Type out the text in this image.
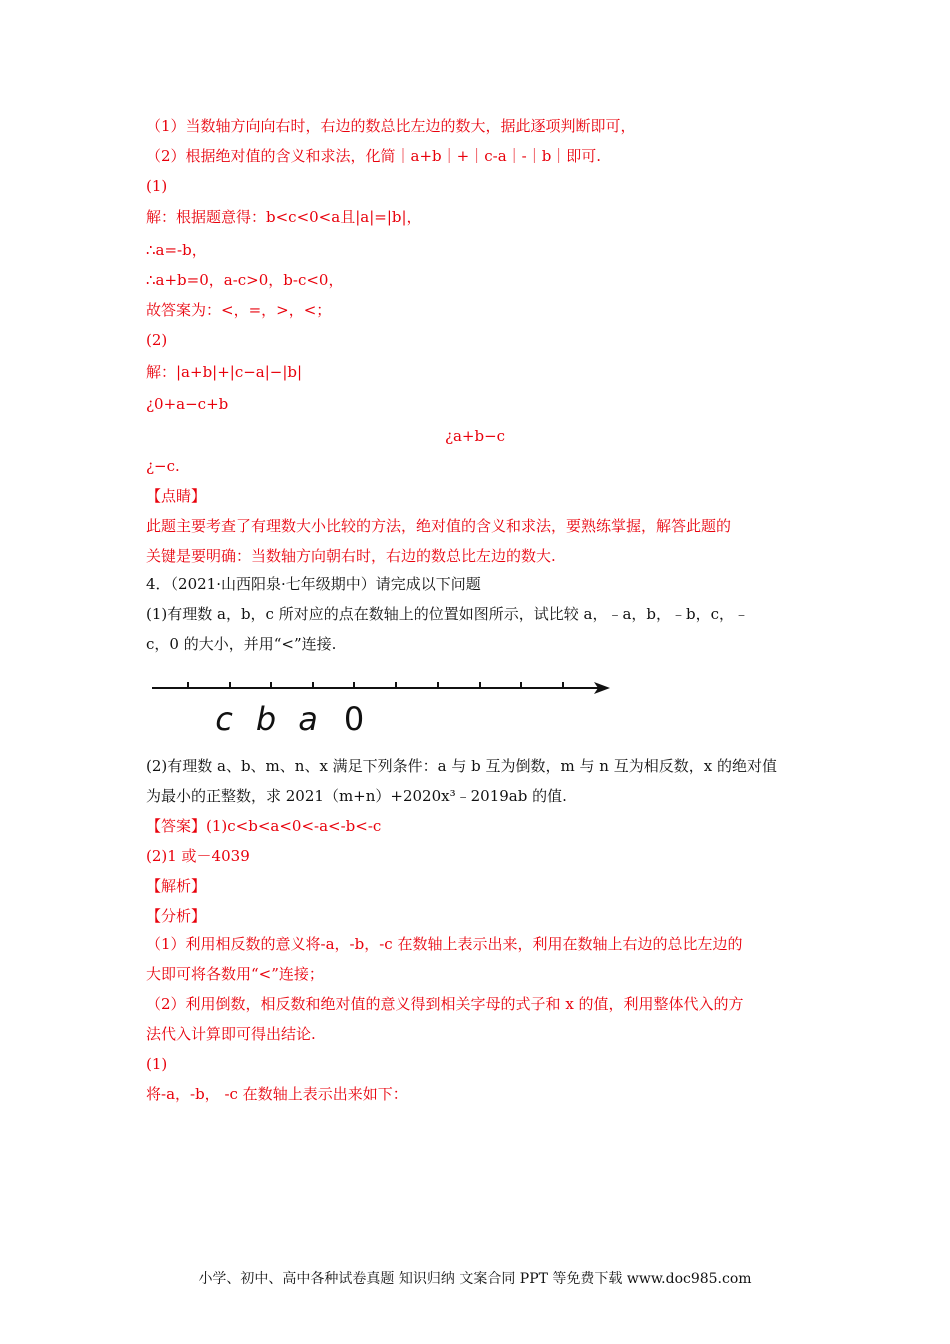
（1）当数轴方向向右时，右边的数总比左边的数大，据此逐项判断即可，
（2）根据绝对值的含义和求法，化简｜a+b｜+｜c-a｜-｜b｜即可.
(1)
解：根据题意得：b<c<0<a且|a|=|b|，
∴a=-b，
∴a+b=0，a-c>0，b-c<0，
故答案为：<，=，>，<；
(2)
解：|a+b|+|c−a|−|b|
¿0+a−c+b
¿−c.
【点睛】
此题主要考查了有理数大小比较的方法，绝对值的含义和求法，要熟练掌握，解答此题的
关键是要明确：当数轴方向朝右时，右边的数总比左边的数大.
4．（2021·山西阳泉·七年级期中）请完成以下问题
(1)有理数 a，b，c 所对应的点在数轴上的位置如图所示，试比较 a，﹣a，b，﹣b，c，﹣
c，0 的大小，并用“<”连接.
(2)有理数 a、b、m、n、x 满足下列条件：a 与 b 互为倒数，m 与 n 互为相反数，x 的绝对值
为最小的正整数，求 2021（m+n）+2020x³﹣2019ab 的值.
【答案】(1)c<b<a<0<-a<-b<-c
(2)1 或－4039
【解析】
【分析】
（1）利用相反数的意义将-a，-b，-c 在数轴上表示出来，利用在数轴上右边的总比左边的
大即可将各数用“<”连接；
（2）利用倒数，相反数和绝对值的意义得到相关字母的式子和 x 的值，利用整体代入的方
法代入计算即可得出结论.
(1)
将-a，-b， -c 在数轴上表示出来如下：
¿a+b−c
c b a 0
小学、初中、高中各种试卷真题 知识归纳 文案合同 PPT 等免费下载 www.doc985.com
